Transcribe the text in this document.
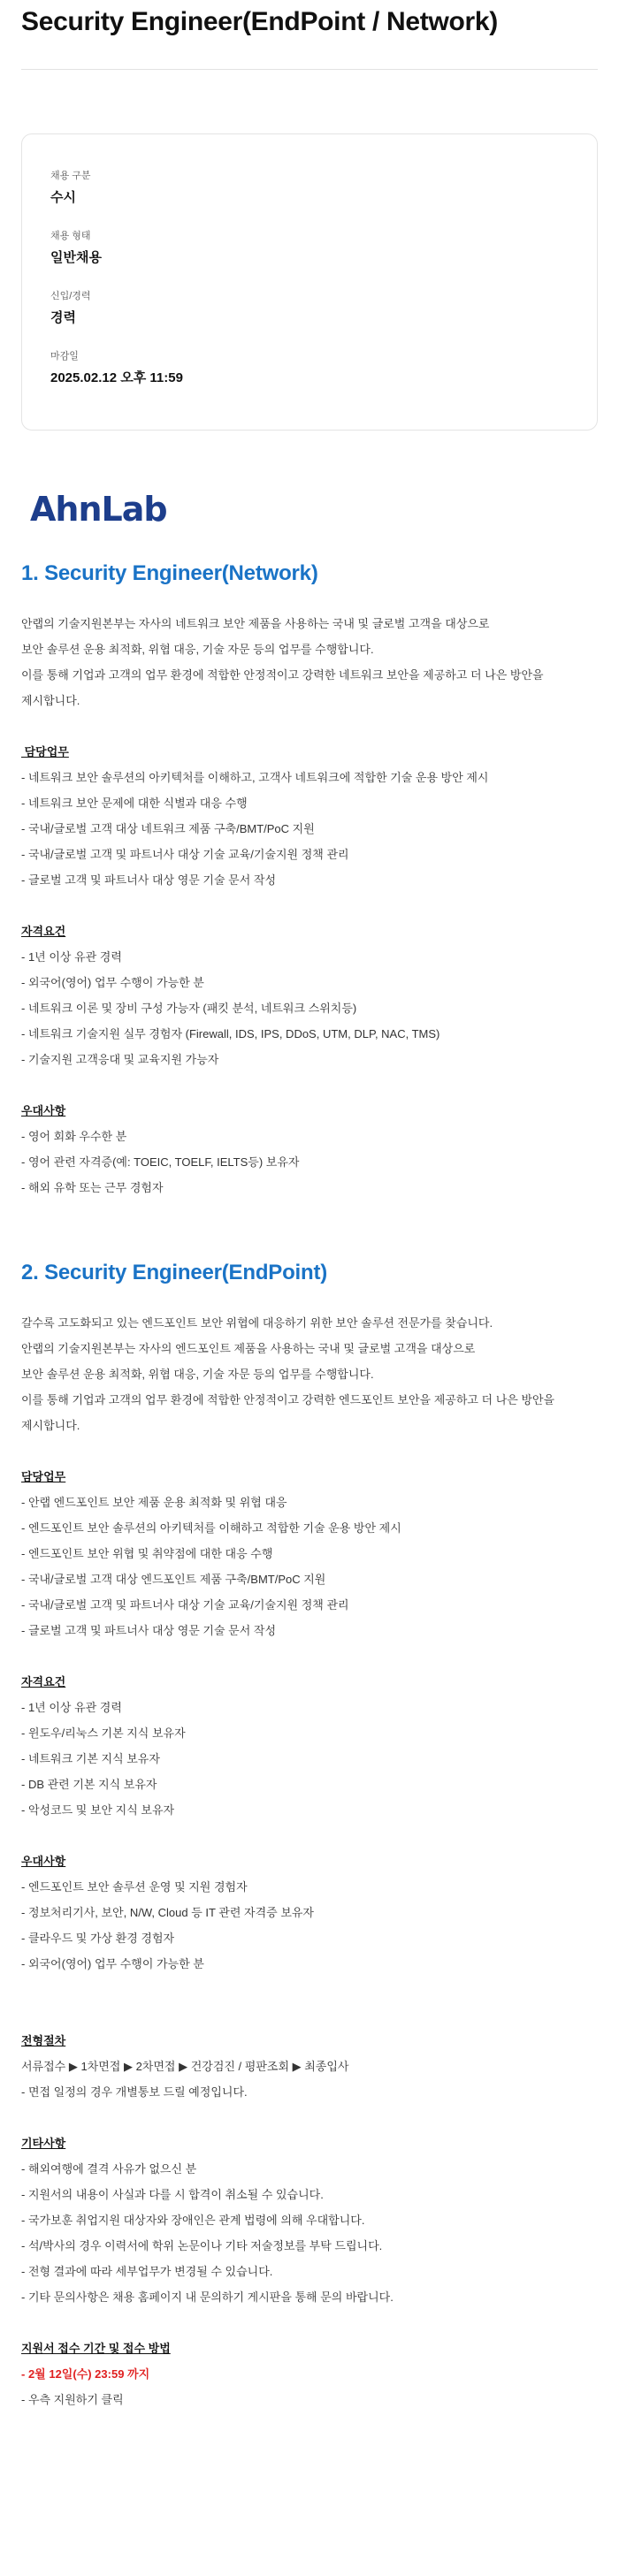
Security Engineer(EndPoint / Network)
채용 구분
수시
채용 형태
일반채용
신입/경력
경력
마감일
2025.02.12 오후 11:59
AhnLab
1. Security Engineer(Network)

안랩의 기술지원본부는 자사의 네트워크 보안 제품을 사용하는 국내 및 글로벌 고객을 대상으로

보안 솔루션 운용 최적화, 위협 대응, 기술 자문 등의 업무를 수행합니다.

이를 통해 기업과 고객의 업무 환경에 적합한 안정적이고 강력한 네트워크 보안을 제공하고 더 나은 방안을

제시합니다.

담당업무

- 네트워크 보안 솔루션의 아키텍처를 이해하고, 고객사 네트워크에 적합한 기술 운용 방안 제시

- 네트워크 보안 문제에 대한 식별과 대응 수행

- 국내/글로벌 고객 대상 네트워크 제품 구축/BMT/PoC 지원

- 국내/글로벌 고객 및 파트너사 대상 기술 교육/기술지원 정책 관리

- 글로벌 고객 및 파트너사 대상 영문 기술 문서 작성

자격요건

- 1년 이상 유관 경력

- 외국어(영어) 업무 수행이 가능한 분

- 네트워크 이론 및 장비 구성 가능자 (패킷 분석, 네트워크 스위치등)

- 네트워크 기술지원 실무 경험자 (Firewall, IDS, IPS, DDoS, UTM, DLP, NAC, TMS)

- 기술지원 고객응대 및 교육지원 가능자

우대사항

- 영어 회화 우수한 분

- 영어 관련 자격증(예: TOEIC, TOELF, IELTS등) 보유자

- 해외 유학 또는 근무 경험자

2. Security Engineer(EndPoint)

갈수록 고도화되고 있는 엔드포인트 보안 위협에 대응하기 위한 보안 솔루션 전문가를 찾습니다.

안랩의 기술지원본부는 자사의 엔드포인트 제품을 사용하는 국내 및 글로벌 고객을 대상으로

보안 솔루션 운용 최적화, 위협 대응, 기술 자문 등의 업무를 수행합니다.

이를 통해 기업과 고객의 업무 환경에 적합한 안정적이고 강력한 엔드포인트 보안을 제공하고 더 나은 방안을

제시합니다.

담당업무

- 안랩 엔드포인트 보안 제품 운용 최적화 및 위협 대응

- 엔드포인트 보안 솔루션의 아키텍처를 이해하고 적합한 기술 운용 방안 제시

- 엔드포인트 보안 위협 및 취약점에 대한 대응 수행

- 국내/글로벌 고객 대상 엔드포인트 제품 구축/BMT/PoC 지원

- 국내/글로벌 고객 및 파트너사 대상 기술 교육/기술지원 정책 관리

- 글로벌 고객 및 파트너사 대상 영문 기술 문서 작성

자격요건

- 1년 이상 유관 경력

- 윈도우/리눅스 기본 지식 보유자

- 네트워크 기본 지식 보유자

- DB 관련 기본 지식 보유자

- 악성코드 및 보안 지식 보유자

우대사항

- 엔드포인트 보안 솔루션 운영 및 지원 경험자

- 정보처리기사, 보안, N/W, Cloud 등 IT 관련 자격증 보유자

- 클라우드 및 가상 환경 경험자

- 외국어(영어) 업무 수행이 가능한 분

전형절차

서류접수 ▶ 1차면접 ▶ 2차면접 ▶ 건강검진 / 평판조회 ▶ 최종입사

- 면접 일정의 경우 개별통보 드릴 예정입니다.

기타사항

- 해외여행에 결격 사유가 없으신 분

- 지원서의 내용이 사실과 다를 시 합격이 취소될 수 있습니다.

- 국가보훈 취업지원 대상자와 장애인은 관계 법령에 의해 우대합니다.

- 석/박사의 경우 이력서에 학위 논문이나 기타 저술정보를 부탁 드립니다.

- 전형 결과에 따라 세부업무가 변경될 수 있습니다.

- 기타 문의사항은 채용 홈페이지 내 문의하기 게시판을 통해 문의 바랍니다.

지원서 접수 기간 및 접수 방법

- 2월 12일(수) 23:59 까지

- 우측 지원하기 클릭
